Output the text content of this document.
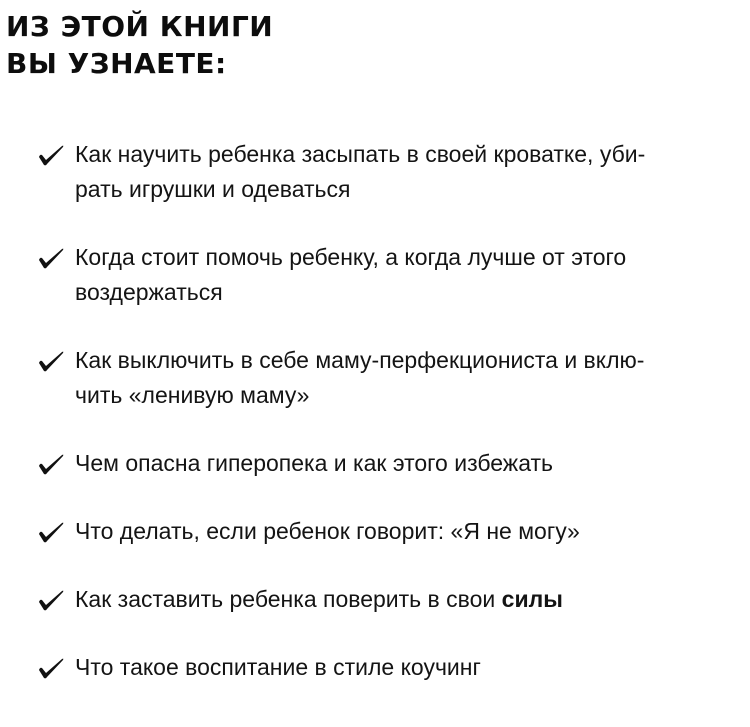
ИЗ ЭТОЙ КНИГИ
ВЫ УЗНАЕТЕ:
Как научить ребенка засыпать в своей кроватке, уби-
рать игрушки и одеваться
Когда стоит помочь ребенку, а когда лучше от этого
воздержаться
Как выключить в себе маму-перфекциониста и вклю-
чить «ленивую маму»
Чем опасна гиперопека и как этого избежать
Что делать, если ребенок говорит: «Я не могу»
Как заставить ребенка поверить в свои силы
Что такое воспитание в стиле коучинг
